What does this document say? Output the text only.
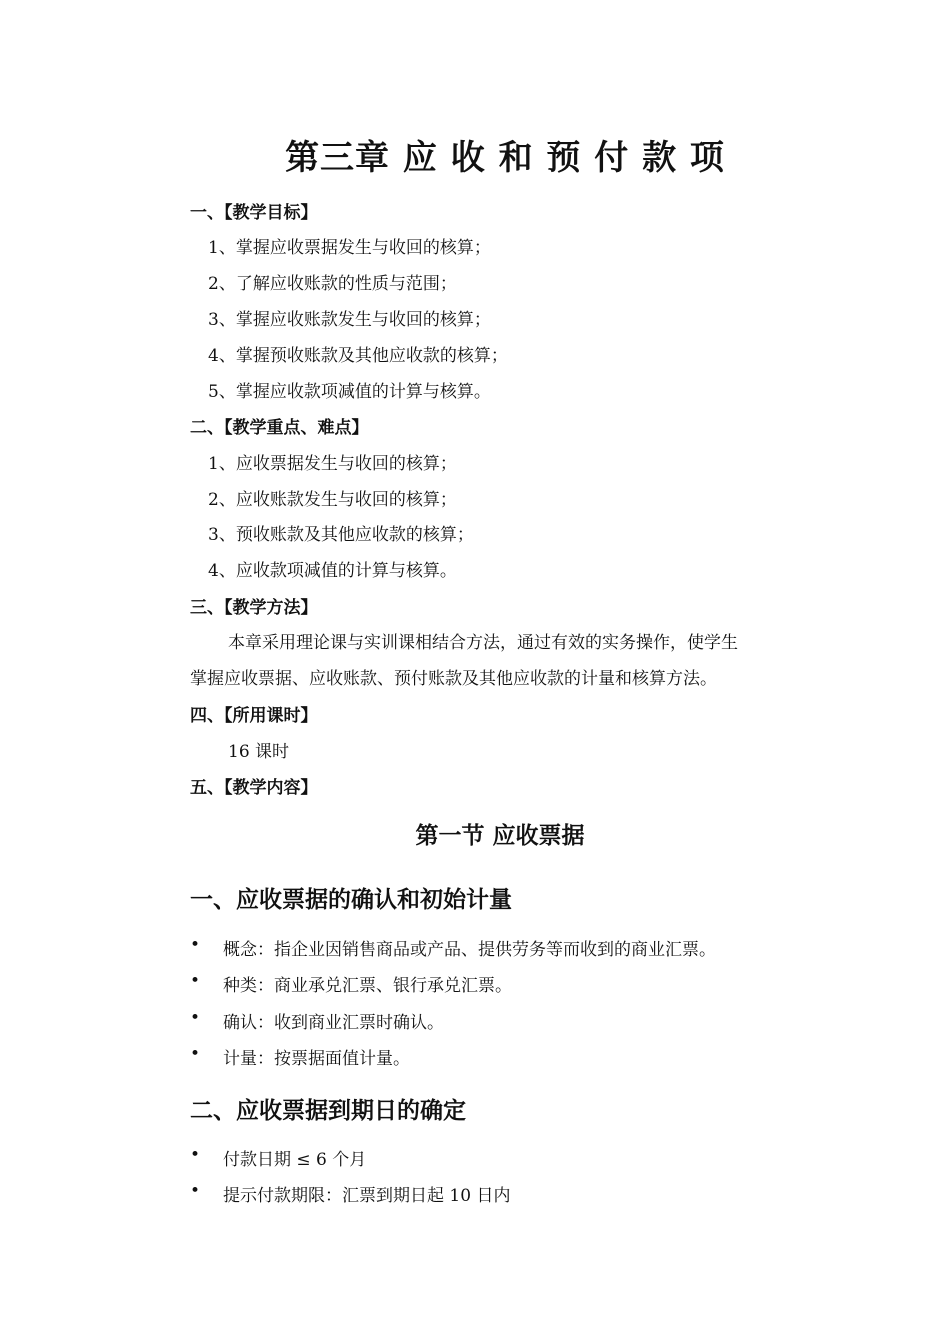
第三章 应 收 和 预 付 款 项
一、【教学目标】
1、掌握应收票据发生与收回的核算；
2、了解应收账款的性质与范围；
3、掌握应收账款发生与收回的核算；
4、掌握预收账款及其他应收款的核算；
5、掌握应收款项减值的计算与核算。
二、【教学重点、难点】
1、应收票据发生与收回的核算；
2、应收账款发生与收回的核算；
3、预收账款及其他应收款的核算；
4、应收款项减值的计算与核算。
三、【教学方法】
本章采用理论课与实训课相结合方法，通过有效的实务操作，使学生
掌握应收票据、应收账款、预付账款及其他应收款的计量和核算方法。
四、【所用课时】
16 课时
五、【教学内容】
第一节 应收票据
一、应收票据的确认和初始计量
• 概念：指企业因销售商品或产品、提供劳务等而收到的商业汇票。
• 种类：商业承兑汇票、银行承兑汇票。
• 确认：收到商业汇票时确认。
• 计量：按票据面值计量。
二、应收票据到期日的确定
• 付款日期 ≤ 6 个月
• 提示付款期限：汇票到期日起 10 日内
